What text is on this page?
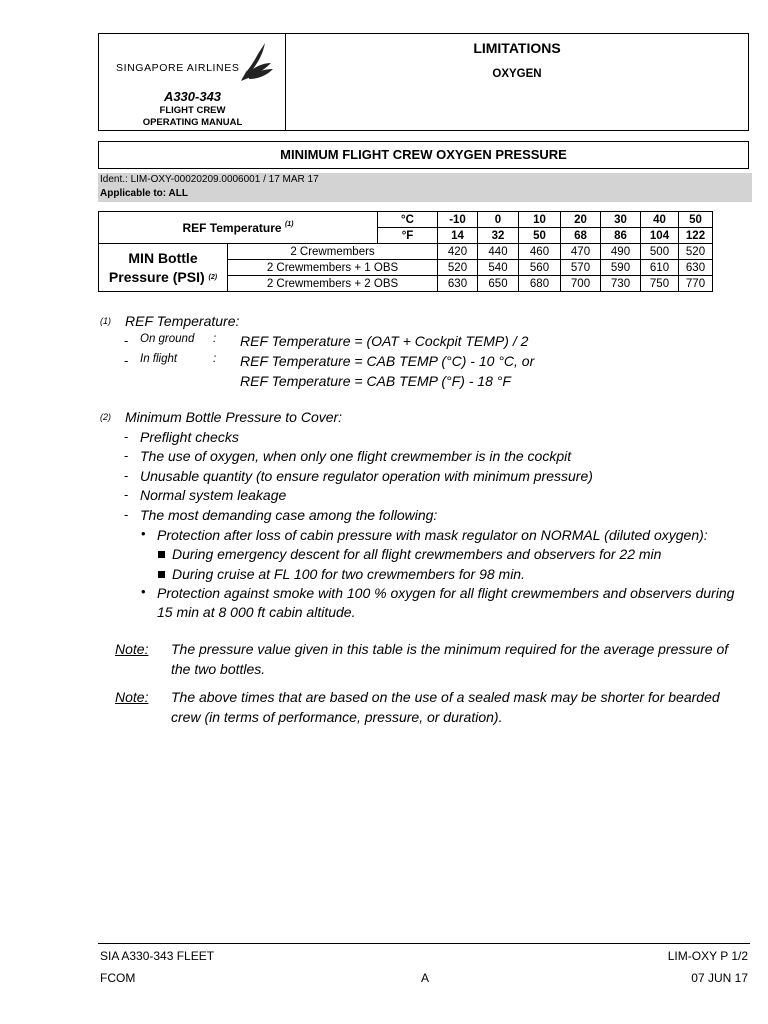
SINGAPORE AIRLINES
A330-343
FLIGHT CREW
OPERATING MANUAL
LIMITATIONS
OXYGEN
MINIMUM FLIGHT CREW OXYGEN PRESSURE
Ident.: LIM-OXY-00020209.0006001 / 17 MAR 17
Applicable to: ALL
REF Temperature $^{(1)}$		°C	-10	0	10	20	30	40	50
		°F	14	32	50	68	86	104	122
MIN Bottle
Pressure (PSI) $^{(2)}$	2 Crewmembers		420	440	460	470	490	500	520
	2 Crewmembers + 1 OBS		520	540	560	570	590	610	630
	2 Crewmembers + 2 OBS		630	650	680	700	730	750	770
(1) REF Temperature:
- On ground : REF Temperature = (OAT + Cockpit TEMP) / 2
- In flight	: REF Temperature = CAB TEMP (°C) - 10 °C, or
REF Temperature = CAB TEMP (°F) - 18 °F
(2) Minimum Bottle Pressure to Cover:
- Preflight checks
- The use of oxygen, when only one flight crewmember is in the cockpit
- Unusable quantity (to ensure regulator operation with minimum pressure)
- Normal system leakage
- The most demanding case among the following:
• Protection after loss of cabin pressure with mask regulator on NORMAL (diluted oxygen):
During emergency descent for all flight crewmembers and observers for 22 min
During cruise at FL 100 for two crewmembers for 98 min.
• Protection against smoke with 100 % oxygen for all flight crewmembers and observers during
15 min at 8 000 ft cabin altitude.
Note: The pressure value given in this table is the minimum required for the average pressure of
the two bottles.
Note: The above times that are based on the use of a sealed mask may be shorter for bearded
crew (in terms of performance, pressure, or duration).
SIA A330-343 FLEET
FCOM	A
LIM-OXY P 1/2
07 JUN 17
